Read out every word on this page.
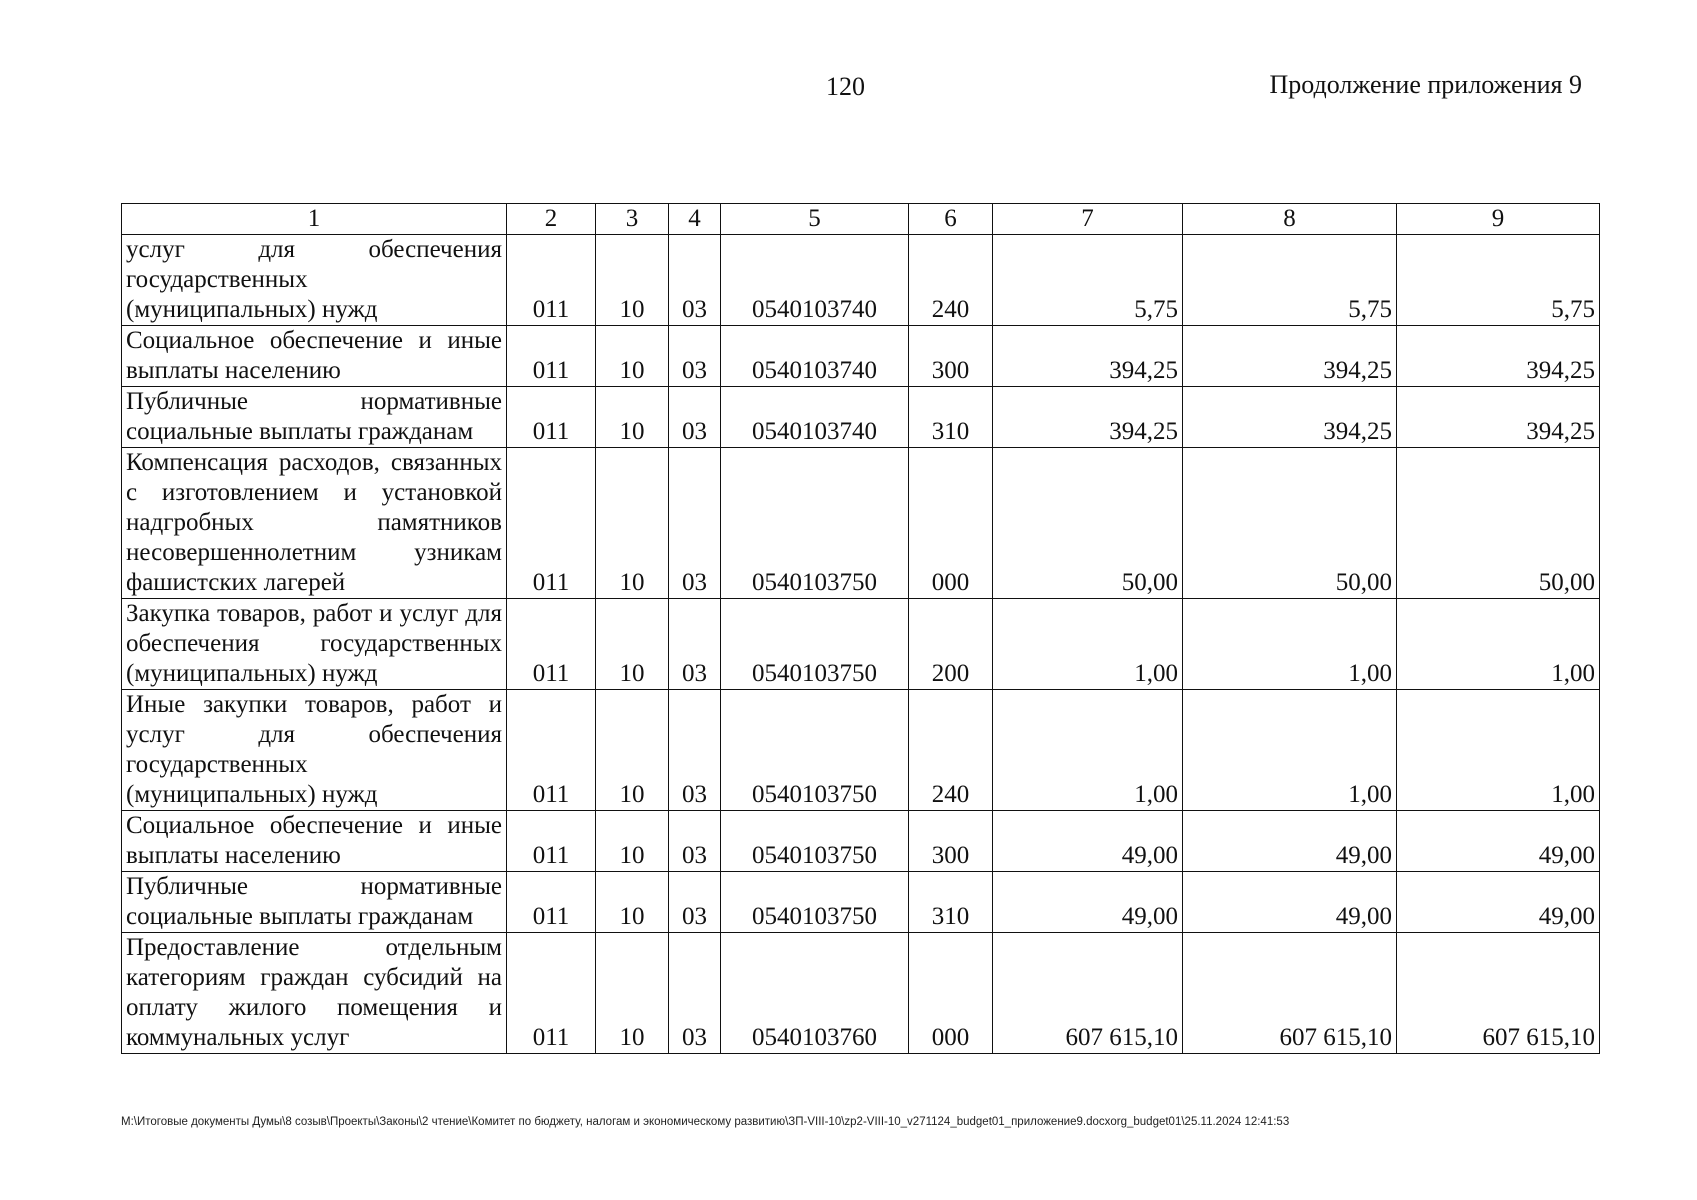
120	Продолжение приложения 9
1	2	3	4	5	6	7	8	9
услуг для обеспечения государственных (муниципальных) нужд	011	10	03	0540103740	240	5,75	5,75	5,75
Социальное обеспечение и иные выплаты населению	011	10	03	0540103740	300	394,25	394,25	394,25
Публичные нормативные социальные выплаты гражданам	011	10	03	0540103740	310	394,25	394,25	394,25
Компенсация расходов, связанных с изготовлением и установкой надгробных памятников несовершеннолетним узникам фашистских лагерей	011	10	03	0540103750	000	50,00	50,00	50,00
Закупка товаров, работ и услуг для обеспечения государственных (муниципальных) нужд	011	10	03	0540103750	200	1,00	1,00	1,00
Иные закупки товаров, работ и услуг для обеспечения государственных (муниципальных) нужд	011	10	03	0540103750	240	1,00	1,00	1,00
Социальное обеспечение и иные выплаты населению	011	10	03	0540103750	300	49,00	49,00	49,00
Публичные нормативные социальные выплаты гражданам	011	10	03	0540103750	310	49,00	49,00	49,00
Предоставление отдельным категориям граждан субсидий на оплату жилого помещения и коммунальных услуг	011	10	03	0540103760	000	607 615,10	607 615,10	607 615,10
М:\Итоговые документы Думы\8 созыв\Проекты\Законы\2 чтение\Комитет по бюджету, налогам и экономическому развитию\ЗП-VIII-10\zp2-VIII-10_v271124_budget01_приложение9.docxorg_budget01\25.11.2024 12:41:53
